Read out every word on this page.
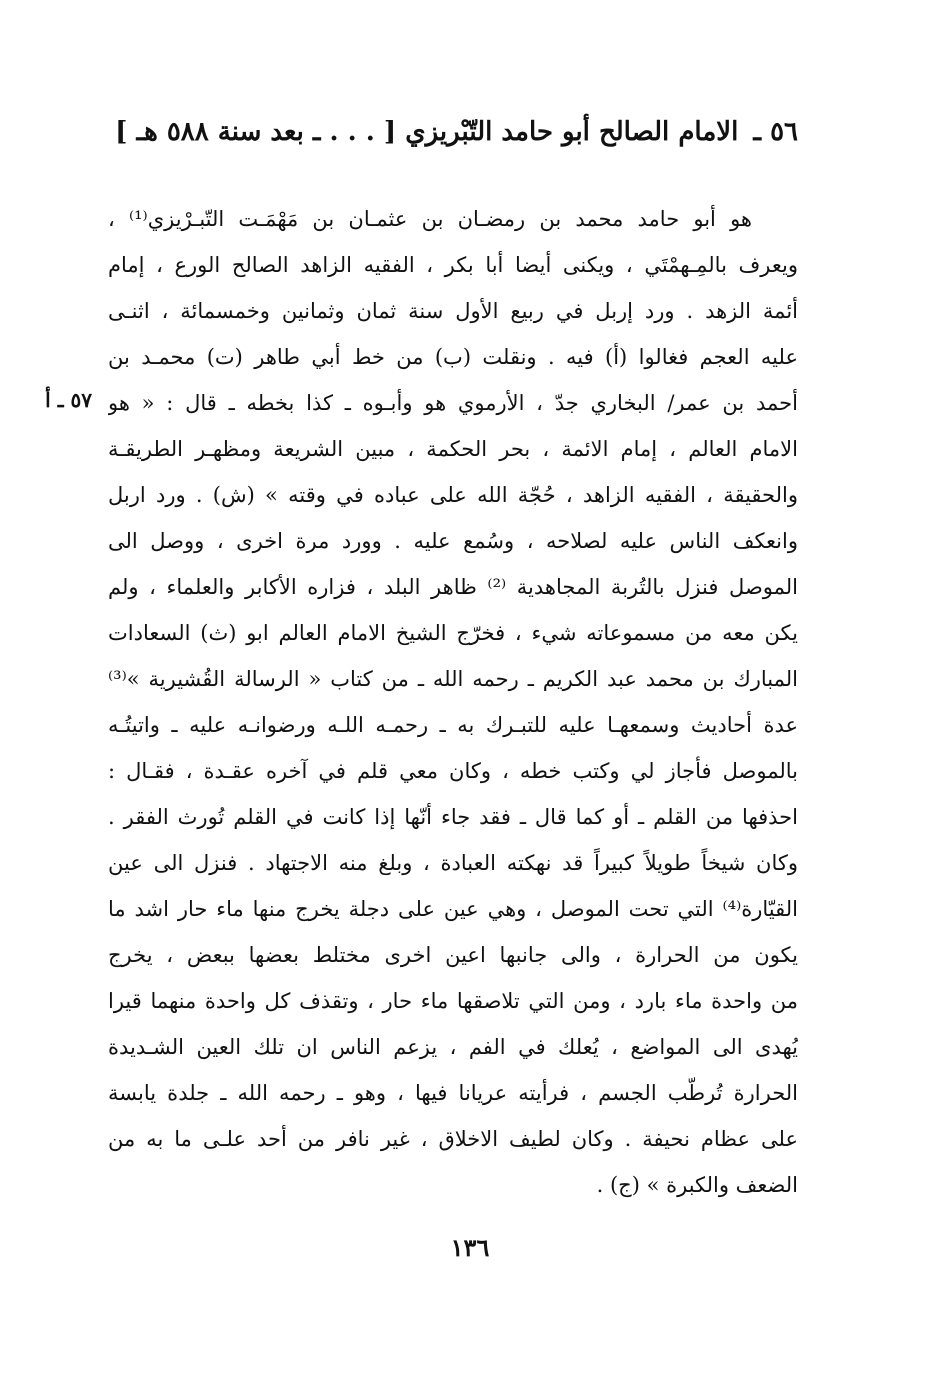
٥٦ ـ الامام الصالح أبو حامد التّبْريزي [ . . . ـ بعد سنة ٥٨٨ هـ ]
٥٧ ـ أ
هو أبو حامد محمد بن رمضـان بن عثمـان بن مَهْمَـت التّبـرْيزي⁽¹⁾ ،
ويعرف بالمِـهمْتَي ، ويكنى أيضا أبا بكر ، الفقيه الزاهد الصالح الورع ، إمام
أئمة الزهد . ورد إربل في ربيع الأول سنة ثمان وثمانين وخمسمائة ، اثنـى
عليه العجم فغالوا (أ) فيه . ونقلت (ب) من خط أبي طاهر (ت) محمـد بن
أحمد بن عمر/ البخاري جدّ ، الأرموي هو وأبـوه ـ كذا بخطه ـ قال : « هو
الامام العالم ، إمام الائمة ، بحر الحكمة ، مبين الشريعة ومظهـر الطريقـة
والحقيقة ، الفقيه الزاهد ، حُجّة الله على عباده في وقته » (ش) . ورد اربل
وانعكف الناس عليه لصلاحه ، وسُمع عليه . وورد مرة اخرى ، ووصل الى
الموصل فنزل بالتُربة المجاهدية ⁽²⁾ ظاهر البلد ، فزاره الأكابر والعلماء ، ولم
يكن معه من مسموعاته شيء ، فخرّج الشيخ الامام العالم ابو (ث) السعادات
المبارك بن محمد عبد الكريم ـ رحمه الله ـ من كتاب « الرسالة القُشيرية »⁽³⁾
عدة أحاديث وسمعهـا عليه للتبـرك به ـ رحمـه اللـه ورضوانـه عليه ـ واتيتُـه
بالموصل فأجاز لي وكتب خطه ، وكان معي قلم في آخره عقـدة ، فقـال :
احذفها من القلم ـ أو كما قال ـ فقد جاء أنّها إذا كانت في القلم تُورث الفقر .
وكان شيخاً طويلاً كبيراً قد نهكته العبادة ، وبلغ منه الاجتهاد . فنزل الى عين
القيّارة⁽⁴⁾ التي تحت الموصل ، وهي عين على دجلة يخرج منها ماء حار اشد ما
يكون من الحرارة ، والى جانبها اعين اخرى مختلط بعضها ببعض ، يخرج
من واحدة ماء بارد ، ومن التي تلاصقها ماء حار ، وتقذف كل واحدة منهما قيرا
يُهدى الى المواضع ، يُعلك في الفم ، يزعم الناس ان تلك العين الشـديدة
الحرارة تُرطّب الجسم ، فرأيته عريانا فيها ، وهو ـ رحمه الله ـ جلدة يابسة
على عظام نحيفة . وكان لطيف الاخلاق ، غير نافر من أحد علـى ما به من
الضعف والكبرة » (ج) .
١٣٦
